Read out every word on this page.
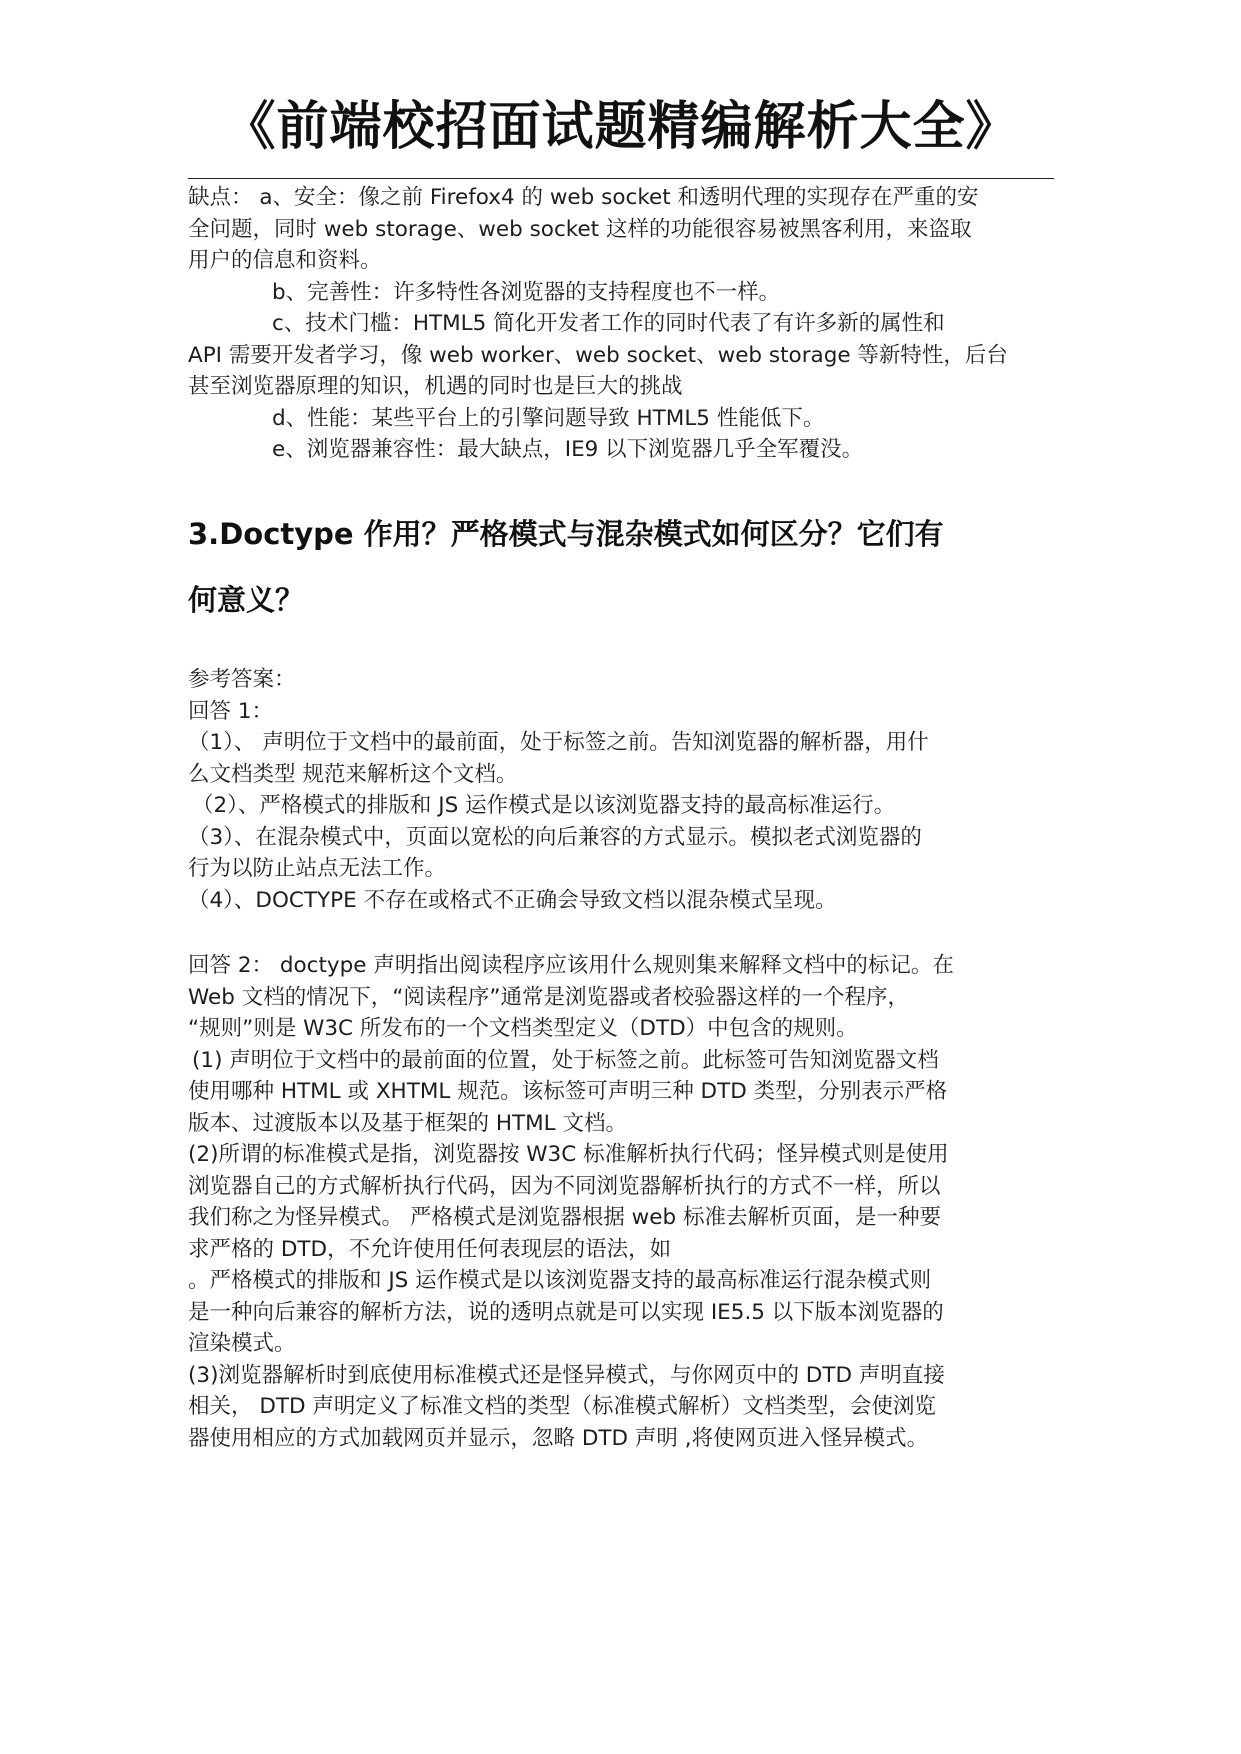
《前端校招面试题精编解析大全》
缺点： a、安全：像之前 Firefox4 的 web socket 和透明代理的实现存在严重的安
全问题，同时 web storage、web socket 这样的功能很容易被黑客利用，来盗取
用户的信息和资料。
b、完善性：许多特性各浏览器的支持程度也不一样。
c、技术门槛：HTML5 简化开发者工作的同时代表了有许多新的属性和
API 需要开发者学习，像 web worker、web socket、web storage 等新特性，后台
甚至浏览器原理的知识，机遇的同时也是巨大的挑战
d、性能：某些平台上的引擎问题导致 HTML5 性能低下。
e、浏览器兼容性：最大缺点，IE9 以下浏览器几乎全军覆没。
3.Doctype 作用？严格模式与混杂模式如何区分？它们有
何意义？
参考答案：
回答 1：
（1）、 声明位于文档中的最前面，处于标签之前。告知浏览器的解析器，用什
么文档类型 规范来解析这个文档。
（2）、严格模式的排版和 JS 运作模式是以该浏览器支持的最高标准运行。
（3）、在混杂模式中，页面以宽松的向后兼容的方式显示。模拟老式浏览器的
行为以防止站点无法工作。
（4）、DOCTYPE 不存在或格式不正确会导致文档以混杂模式呈现。
回答 2： doctype 声明指出阅读程序应该用什么规则集来解释文档中的标记。在
Web 文档的情况下，“阅读程序”通常是浏览器或者校验器这样的一个程序，
“规则”则是 W3C 所发布的一个文档类型定义（DTD）中包含的规则。
(1) 声明位于文档中的最前面的位置，处于标签之前。此标签可告知浏览器文档
使用哪种 HTML 或 XHTML 规范。该标签可声明三种 DTD 类型，分别表示严格
版本、过渡版本以及基于框架的 HTML 文档。
(2)所谓的标准模式是指，浏览器按 W3C 标准解析执行代码；怪异模式则是使用
浏览器自己的方式解析执行代码，因为不同浏览器解析执行的方式不一样，所以
我们称之为怪异模式。 严格模式是浏览器根据 web 标准去解析页面，是一种要
求严格的 DTD，不允许使用任何表现层的语法，如
。严格模式的排版和 JS 运作模式是以该浏览器支持的最高标准运行混杂模式则
是一种向后兼容的解析方法，说的透明点就是可以实现 IE5.5 以下版本浏览器的
渲染模式。
(3)浏览器解析时到底使用标准模式还是怪异模式，与你网页中的 DTD 声明直接
相关， DTD 声明定义了标准文档的类型（标准模式解析）文档类型，会使浏览
器使用相应的方式加载网页并显示，忽略 DTD 声明 ,将使网页进入怪异模式。
